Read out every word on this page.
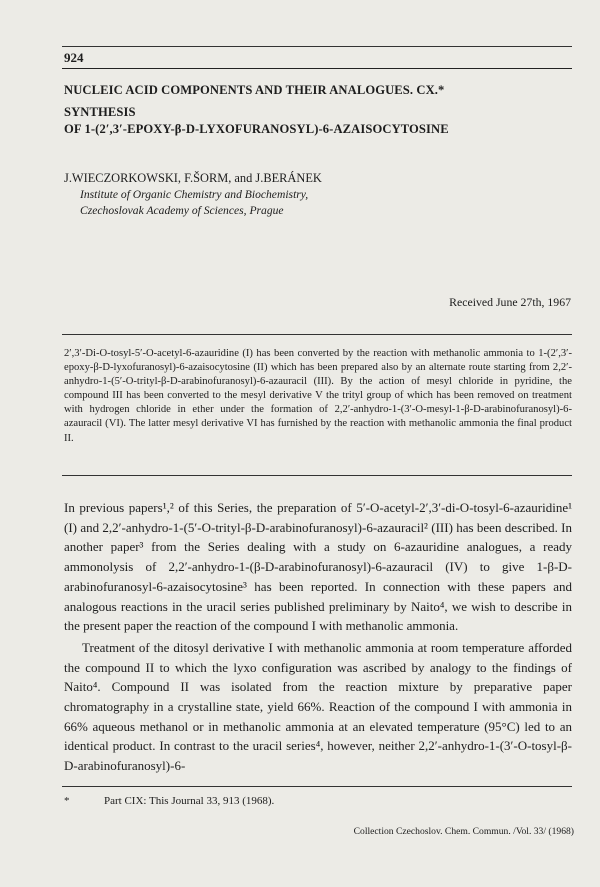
924
NUCLEIC ACID COMPONENTS AND THEIR ANALOGUES. CX.*
SYNTHESIS
OF 1-(2′,3′-EPOXY-β-D-LYXOFURANOSYL)-6-AZAISOCYTOSINE
J.WIECZORKOWSKI, F.ŠORM, and J.BERÁNEK
Institute of Organic Chemistry and Biochemistry,
Czechoslovak Academy of Sciences, Prague
Received June 27th, 1967

2′,3′-Di-O-tosyl-5′-O-acetyl-6-azauridine (I) has been converted by the reaction with methanolic ammonia to 1-(2′,3′-epoxy-β-D-lyxofuranosyl)-6-azaisocytosine (II) which has been prepared also by an alternate route starting from 2,2′-anhydro-1-(5′-O-trityl-β-D-arabinofuranosyl)-6-azauracil (III). By the action of mesyl chloride in pyridine, the compound III has been converted to the mesyl derivative V the trityl group of which has been removed on treatment with hydrogen chloride in ether under the formation of 2,2′-anhydro-1-(3′-O-mesyl-1-β-D-arabinofuranosyl)-6-azauracil (VI). The latter mesyl derivative VI has furnished by the reaction with methanolic ammonia the final product II.

In previous papers¹,² of this Series, the preparation of 5′-O-acetyl-2′,3′-di-O-tosyl-6-azauridine¹ (I) and 2,2′-anhydro-1-(5′-O-trityl-β-D-arabinofuranosyl)-6-azauracil² (III) has been described. In another paper³ from the Series dealing with a study on 6-azauridine analogues, a ready ammonolysis of 2,2′-anhydro-1-(β-D-arabinofuranosyl)-6-azauracil (IV) to give 1-β-D-arabinofuranosyl-6-azaisocytosine³ has been reported. In connection with these papers and analogous reactions in the uracil series published preliminary by Naito⁴, we wish to describe in the present paper the reaction of the compound I with methanolic ammonia.

Treatment of the ditosyl derivative I with methanolic ammonia at room temperature afforded the compound II to which the lyxo configuration was ascribed by analogy to the findings of Naito⁴. Compound II was isolated from the reaction mixture by preparative paper chromatography in a crystalline state, yield 66%. Reaction of the compound I with ammonia in 66% aqueous methanol or in methanolic ammonia at an elevated temperature (95°C) led to an identical product. In contrast to the uracil series⁴, however, neither 2,2′-anhydro-1-(3′-O-tosyl-β-D-arabinofuranosyl)-6-

*	Part CIX: This Journal 33, 913 (1968).
Collection Czechoslov. Chem. Commun. /Vol. 33/ (1968)
